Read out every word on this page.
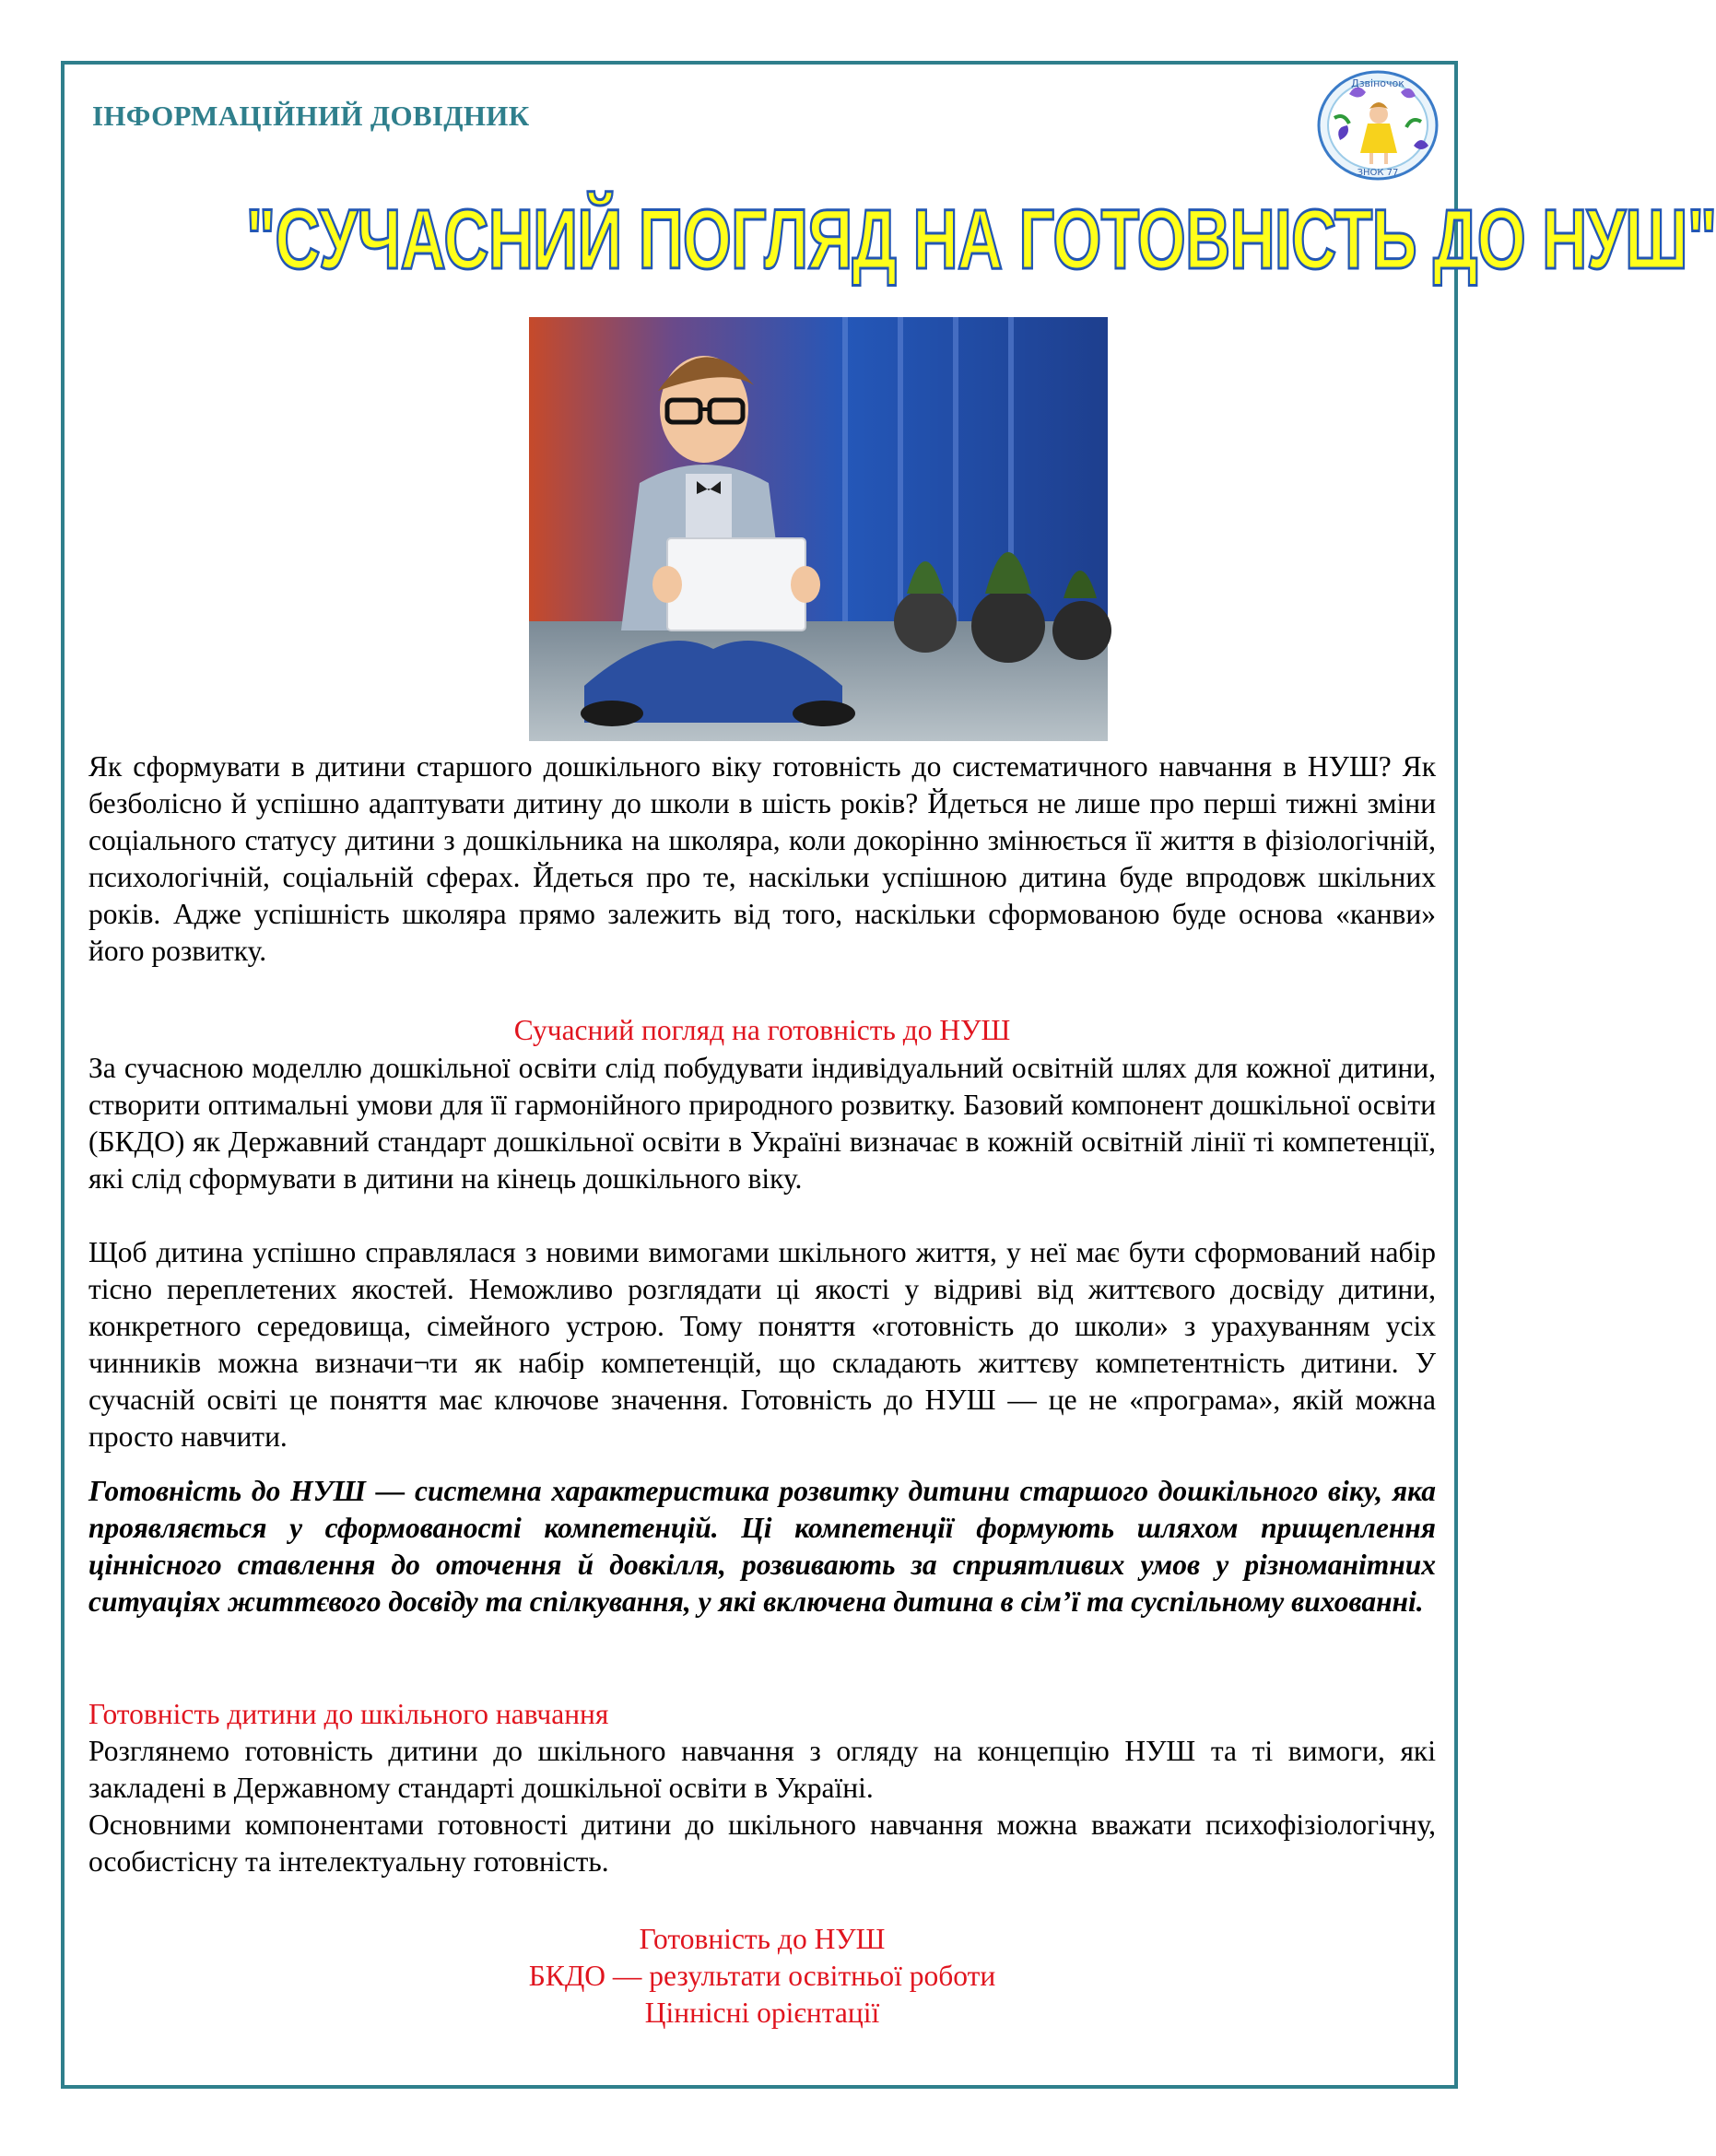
ІНФОРМАЦІЙНИЙ ДОВІДНИК
Дзвіночок
ЗНОК 77
"СУЧАСНИЙ ПОГЛЯД НА ГОТОВНІСТЬ ДО НУШ"

Як сформувати в дитини старшого дошкільного віку готовність до систематичного навчання в НУШ? Як безболісно й успішно адаптувати дитину до школи в шість років? Йдеться не лише про перші тижні зміни соціального статусу дитини з дошкільника на школяра, коли докорінно змінюється її життя в фізіологічній, психологічній, соціальній сферах. Йдеться про те, наскільки успішною дитина буде впродовж шкільних років. Адже успішність школяра прямо залежить від того, наскільки сформованою буде основа «канви» його розвитку.

Сучасний погляд на готовність до НУШ

За сучасною моделлю дошкільної освіти слід побудувати індивідуальний освітній шлях для кожної дитини, створити оптимальні умови для її гармонійного природного розвитку. Базовий компонент дошкільної освіти (БКДО) як Державний стандарт дошкільної освіти в Україні визначає в кожній освітній лінії ті компетенції, які слід сформувати в дитини на кінець дошкільного віку.

Щоб дитина успішно справлялася з новими вимогами шкільного життя, у неї має бути сформований набір тісно переплетених якостей. Неможливо розглядати ці якості у відриві від життєвого досвіду дитини, конкретного середовища, сімейного устрою. Тому поняття «готовність до школи» з урахуванням усіх чинників можна визначи¬ти як набір компетенцій, що складають життєву компетентність дитини. У сучасній освіті це поняття має ключове значення. Готовність до НУШ — це не «програма», якій можна просто навчити.

Готовність до НУШ — системна характеристика розвитку дитини старшого дошкільного віку, яка проявляється у сформованості компетенцій. Ці компетенції формують шляхом прищеплення ціннісного ставлення до оточення й довкілля, розвивають за сприятливих умов у різноманітних ситуаціях життєвого досвіду та спілкування, у які включена дитина в сім’ї та суспільному вихованні.

Готовність дитини до шкільного навчання

Розглянемо готовність дитини до шкільного навчання з огляду на концепцію НУШ та ті вимоги, які закладені в Державному стандарті дошкільної освіти в Україні.

Основними компонентами готовності дитини до шкільного навчання можна вважати психофізіологічну, особистісну та інтелектуальну готовність.

Готовність до НУШ

БКДО — результати освітньої роботи

Ціннісні орієнтації
